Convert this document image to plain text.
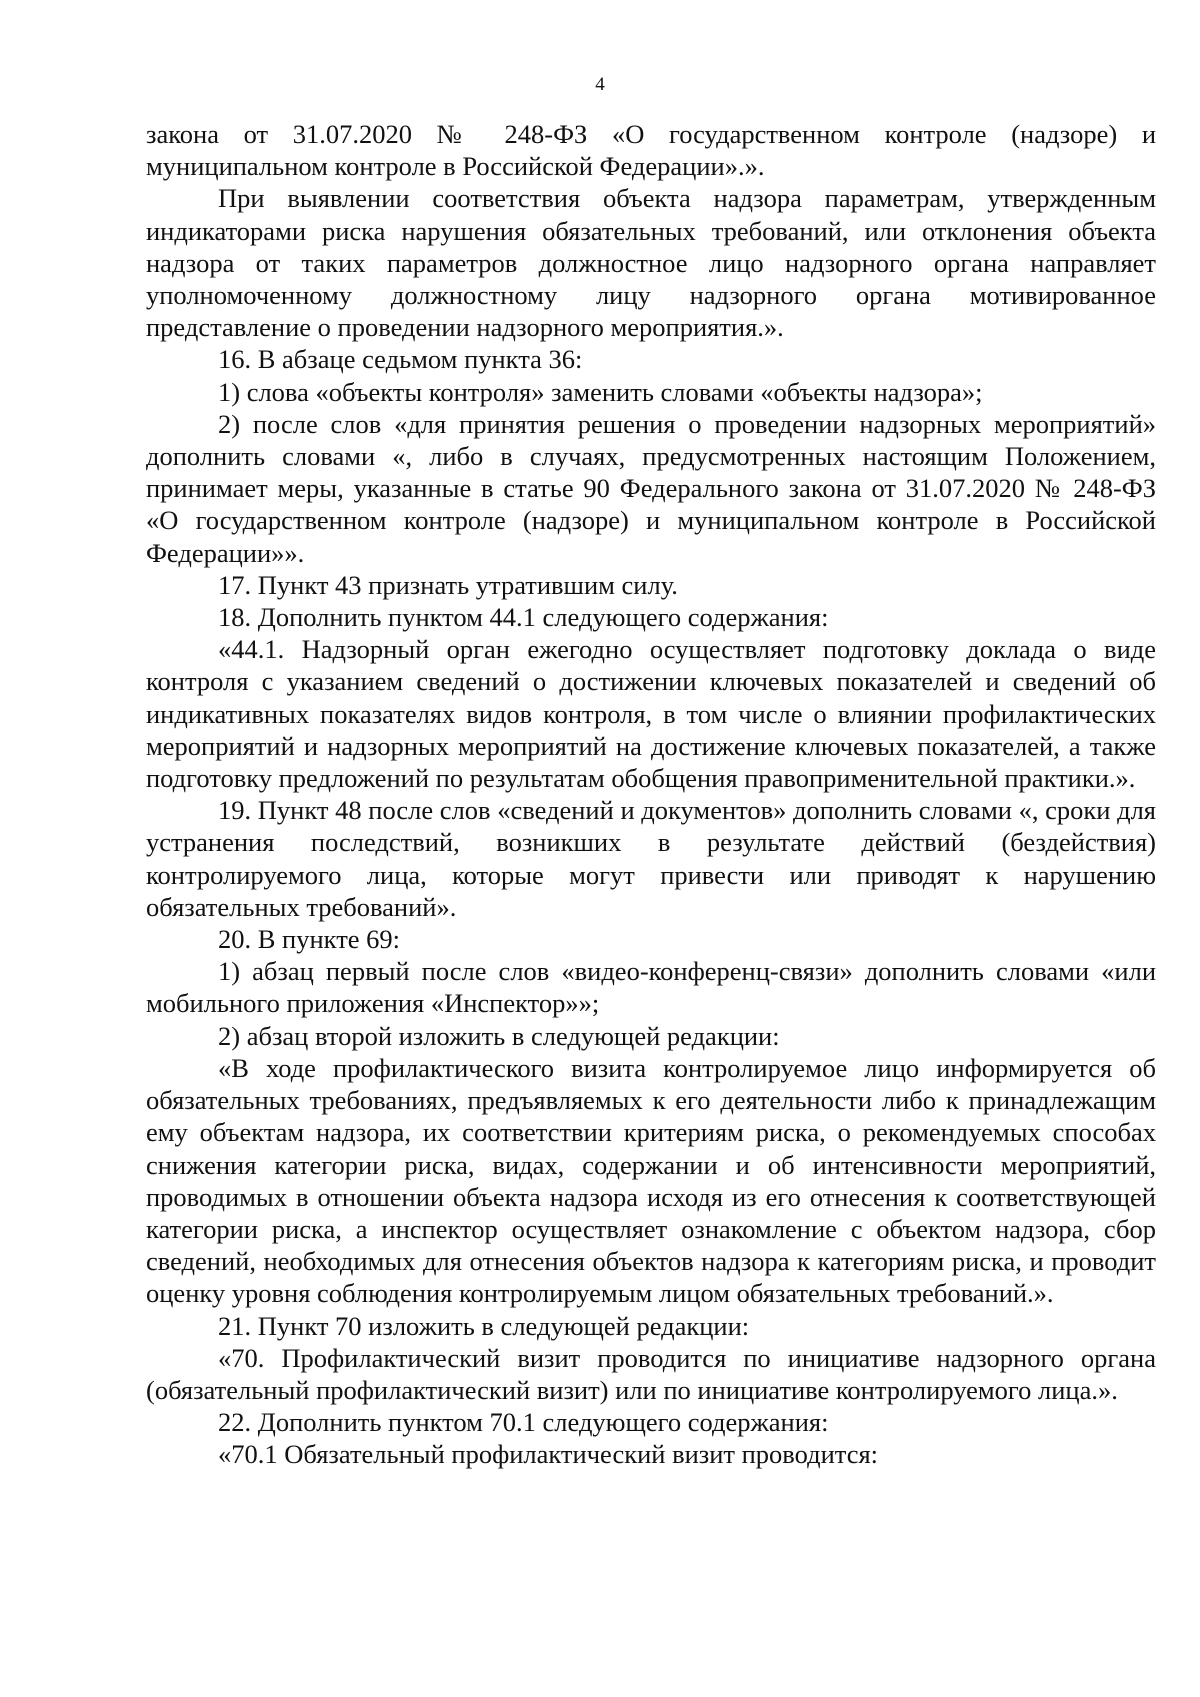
4

закона от 31.07.2020 № 248-ФЗ «О государственном контроле (надзоре) и муниципальном контроле в Российской Федерации».».

При выявлении соответствия объекта надзора параметрам, утвержденным индикаторами риска нарушения обязательных требований, или отклонения объекта надзора от таких параметров должностное лицо надзорного органа направляет уполномоченному должностному лицу надзорного органа мотивированное представление о проведении надзорного мероприятия.».

16. В абзаце седьмом пункта 36:

1) слова «объекты контроля» заменить словами «объекты надзора»;

2) после слов «для принятия решения о проведении надзорных мероприятий» дополнить словами «, либо в случаях, предусмотренных настоящим Положением, принимает меры, указанные в статье 90 Федерального закона от 31.07.2020 № 248-ФЗ «О государственном контроле (надзоре) и муниципальном контроле в Российской Федерации»».

17. Пункт 43 признать утратившим силу.

18. Дополнить пунктом 44.1 следующего содержания:

«44.1. Надзорный орган ежегодно осуществляет подготовку доклада о виде контроля с указанием сведений о достижении ключевых показателей и сведений об индикативных показателях видов контроля, в том числе о влиянии профилактических мероприятий и надзорных мероприятий на достижение ключевых показателей, а также подготовку предложений по результатам обобщения правоприменительной практики.».

19. Пункт 48 после слов «сведений и документов» дополнить словами «, сроки для устранения последствий, возникших в результате действий (бездействия) контролируемого лица, которые могут привести или приводят к нарушению обязательных требований».

20. В пункте 69:

1) абзац первый после слов «видео-конференц-связи» дополнить словами «или мобильного приложения «Инспектор»»;

2) абзац второй изложить в следующей редакции:

«В ходе профилактического визита контролируемое лицо информируется об обязательных требованиях, предъявляемых к его деятельности либо к принадлежащим ему объектам надзора, их соответствии критериям риска, о рекомендуемых способах снижения категории риска, видах, содержании и об интенсивности мероприятий, проводимых в отношении объекта надзора исходя из его отнесения к соответствующей категории риска, а инспектор осуществляет ознакомление с объектом надзора, сбор сведений, необходимых для отнесения объектов надзора к категориям риска, и проводит оценку уровня соблюдения контролируемым лицом обязательных требований.».

21. Пункт 70 изложить в следующей редакции:

«70. Профилактический визит проводится по инициативе надзорного органа (обязательный профилактический визит) или по инициативе контролируемого лица.».

22. Дополнить пунктом 70.1 следующего содержания:

«70.1 Обязательный профилактический визит проводится:
